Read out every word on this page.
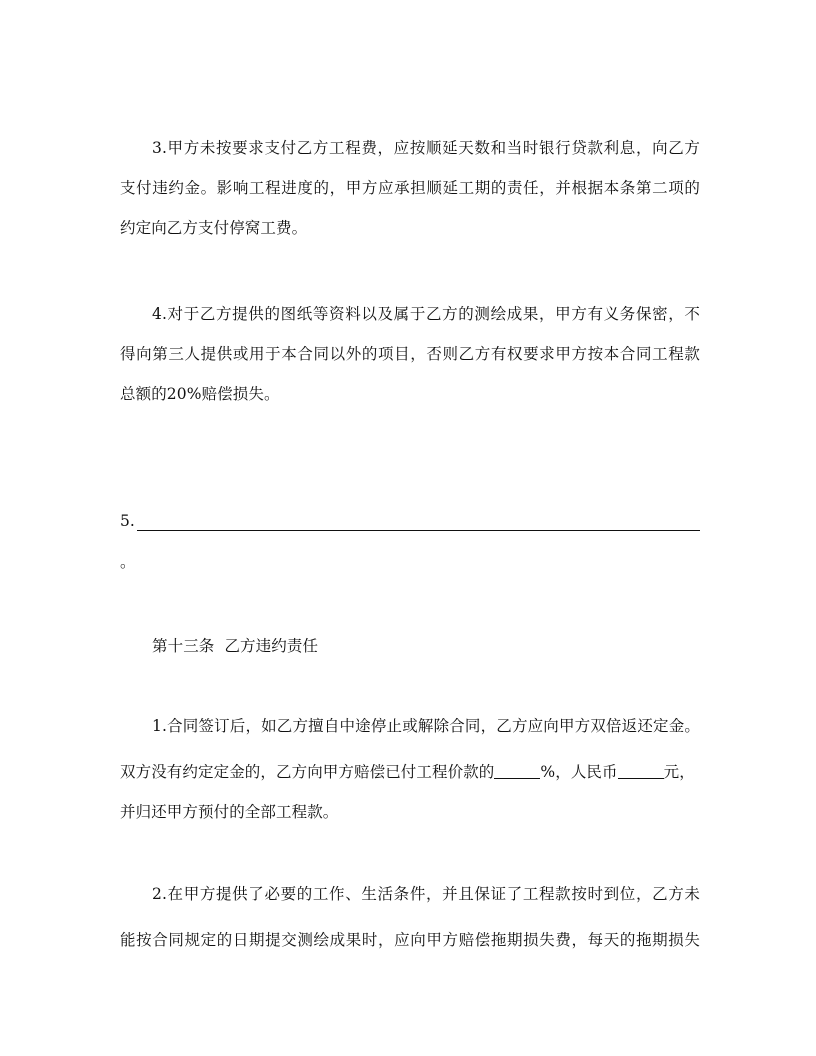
3.甲方未按要求支付乙方工程费，应按顺延天数和当时银行贷款利息，向乙方
支付违约金。影响工程进度的，甲方应承担顺延工期的责任，并根据本条第二项的
约定向乙方支付停窝工费。
4.对于乙方提供的图纸等资料以及属于乙方的测绘成果，甲方有义务保密，不
得向第三人提供或用于本合同以外的项目，否则乙方有权要求甲方按本合同工程款
总额的20%赔偿损失。
5.
。
第十三条  乙方违约责任
1.合同签订后，如乙方擅自中途停止或解除合同，乙方应向甲方双倍返还定金。
双方没有约定定金的，乙方向甲方赔偿已付工程价款的	%，人民币	元，
并归还甲方预付的全部工程款。
2.在甲方提供了必要的工作、生活条件，并且保证了工程款按时到位，乙方未
能按合同规定的日期提交测绘成果时，应向甲方赔偿拖期损失费，每天的拖期损失
